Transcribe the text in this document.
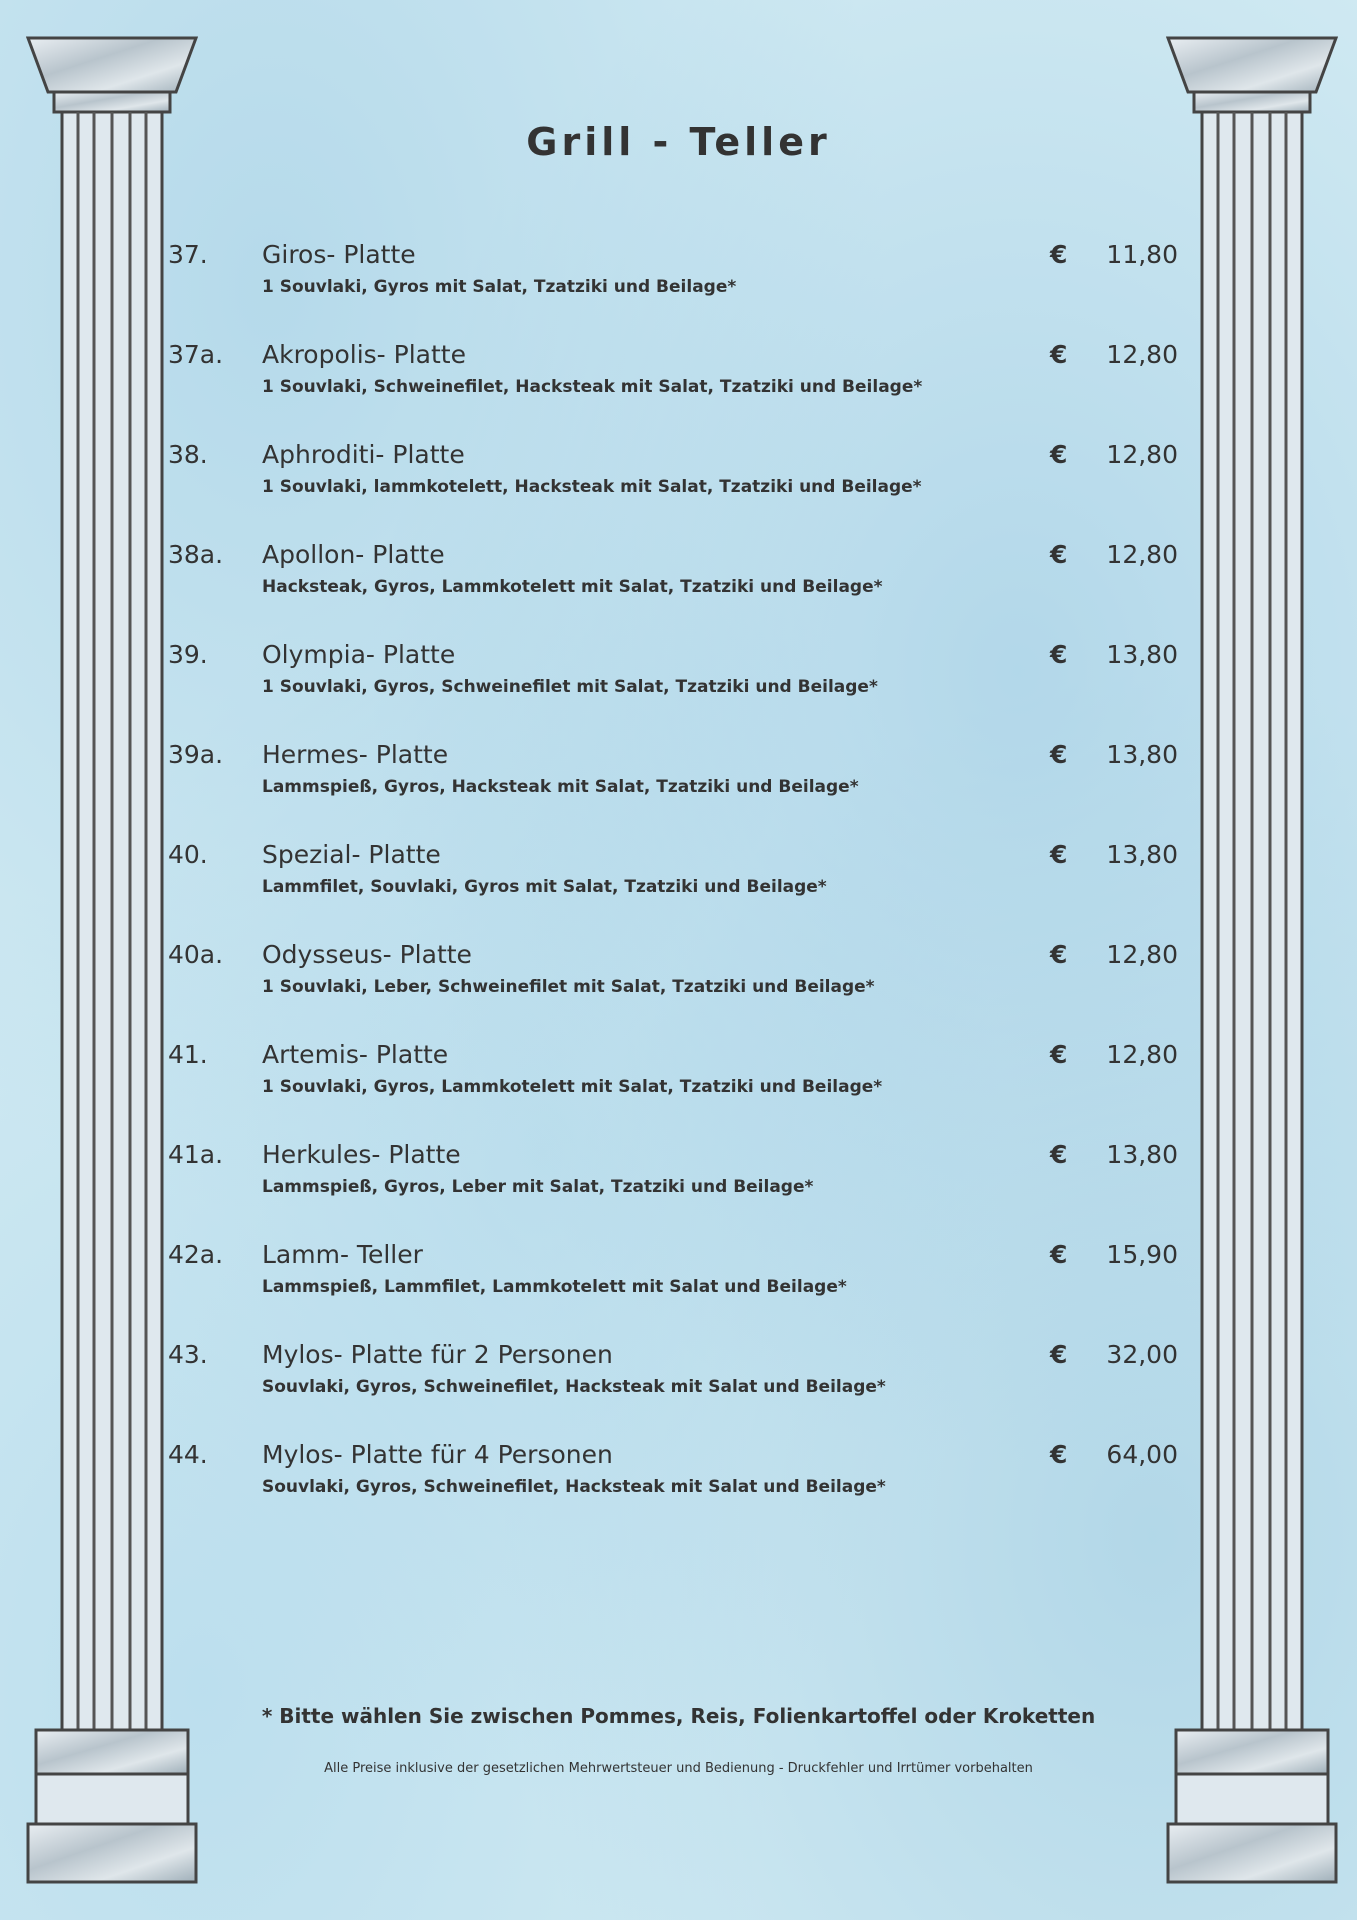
Grill - Teller
37. Giros- Platte
1 Souvlaki, Gyros mit Salat, Tzatziki und Beilage*
€ 11,80
37a. Akropolis- Platte
1 Souvlaki, Schweinefilet, Hacksteak mit Salat, Tzatziki und Beilage*
€ 12,80
38. Aphroditi- Platte
1 Souvlaki, lammkotelett, Hacksteak mit Salat, Tzatziki und Beilage*
€ 12,80
38a. Apollon- Platte
Hacksteak, Gyros, Lammkotelett mit Salat, Tzatziki und Beilage*
€ 12,80
39. Olympia- Platte
1 Souvlaki, Gyros, Schweinefilet mit Salat, Tzatziki und Beilage*
€ 13,80
39a. Hermes- Platte
Lammspieß, Gyros, Hacksteak mit Salat, Tzatziki und Beilage*
€ 13,80
40. Spezial- Platte
Lammfilet, Souvlaki, Gyros mit Salat, Tzatziki und Beilage*
€ 13,80
40a. Odysseus- Platte
1 Souvlaki, Leber, Schweinefilet mit Salat, Tzatziki und Beilage*
€ 12,80
41. Artemis- Platte
1 Souvlaki, Gyros, Lammkotelett mit Salat, Tzatziki und Beilage*
€ 12,80
41a. Herkules- Platte
Lammspieß, Gyros, Leber mit Salat, Tzatziki und Beilage*
€ 13,80
42a. Lamm- Teller
Lammspieß, Lammfilet, Lammkotelett mit Salat und Beilage*
€ 15,90
43. Mylos- Platte für 2 Personen
Souvlaki, Gyros, Schweinefilet, Hacksteak mit Salat und Beilage*
€ 32,00
44. Mylos- Platte für 4 Personen
Souvlaki, Gyros, Schweinefilet, Hacksteak mit Salat und Beilage*
€ 64,00
* Bitte wählen Sie zwischen Pommes, Reis, Folienkartoffel oder Kroketten
Alle Preise inklusive der gesetzlichen Mehrwertsteuer und Bedienung - Druckfehler und Irrtümer vorbehalten
